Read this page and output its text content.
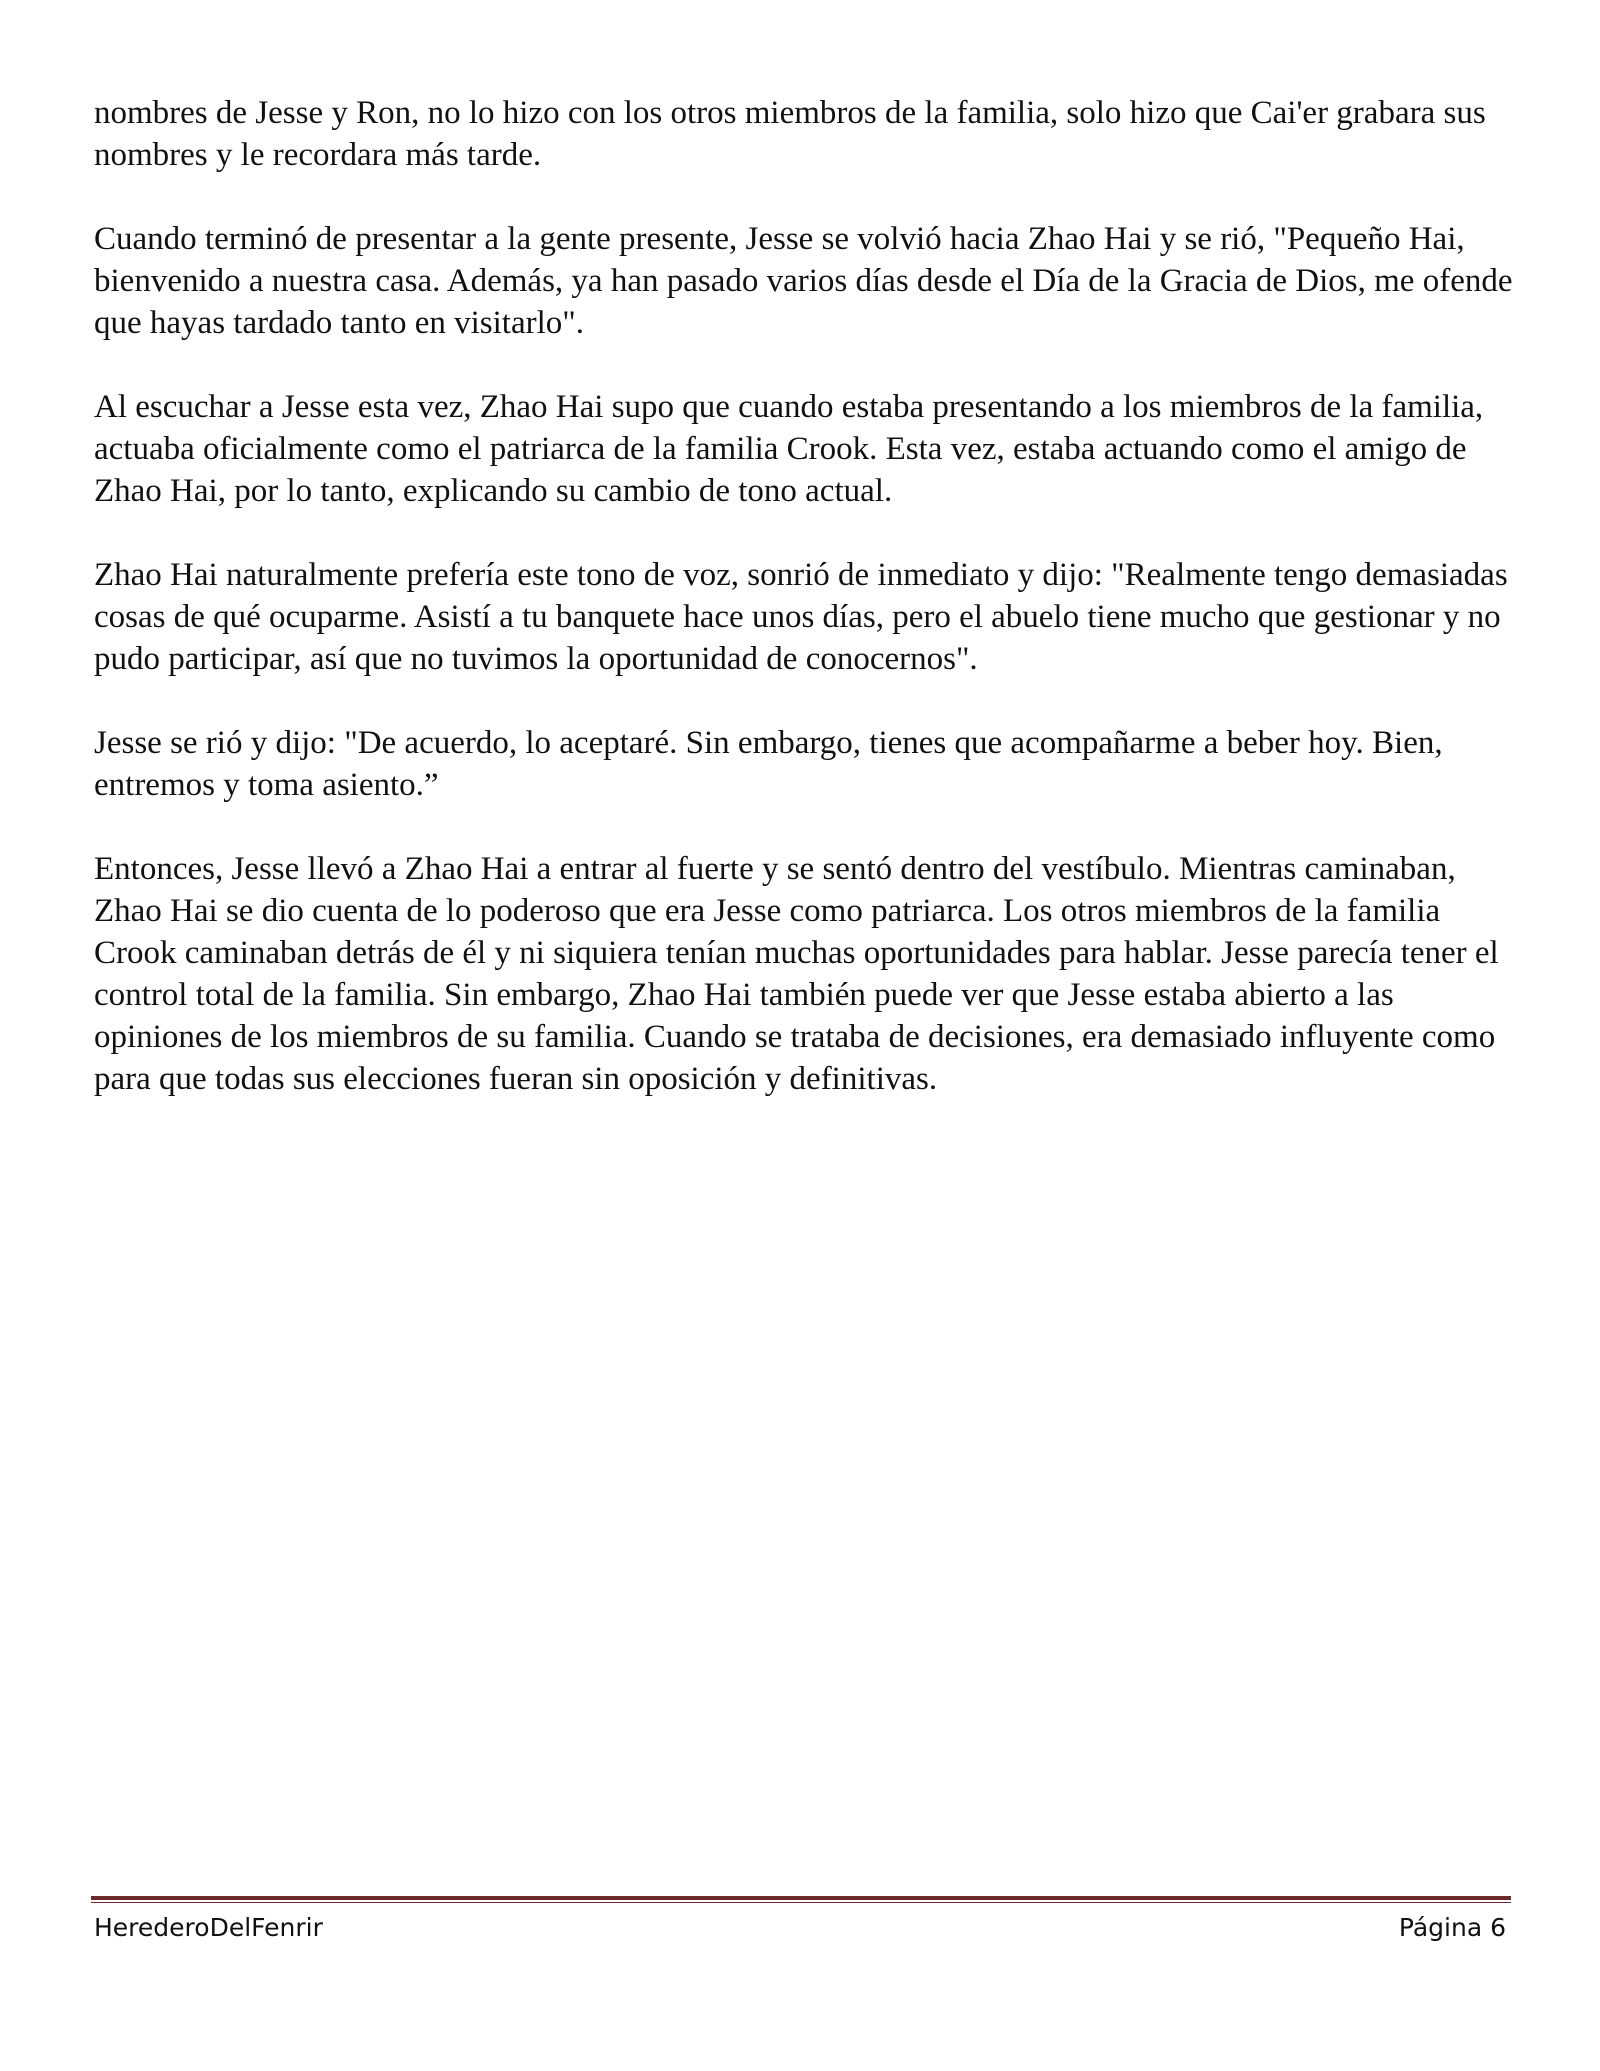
nombres de Jesse y Ron, no lo hizo con los otros miembros de la familia, solo hizo que Cai'er grabara sus nombres y le recordara más tarde.

Cuando terminó de presentar a la gente presente, Jesse se volvió hacia Zhao Hai y se rió, "Pequeño Hai, bienvenido a nuestra casa. Además, ya han pasado varios días desde el Día de la Gracia de Dios, me ofende que hayas tardado tanto en visitarlo".

Al escuchar a Jesse esta vez, Zhao Hai supo que cuando estaba presentando a los miembros de la familia, actuaba oficialmente como el patriarca de la familia Crook. Esta vez, estaba actuando como el amigo de Zhao Hai, por lo tanto, explicando su cambio de tono actual.

Zhao Hai naturalmente prefería este tono de voz, sonrió de inmediato y dijo: "Realmente tengo demasiadas cosas de qué ocuparme. Asistí a tu banquete hace unos días, pero el abuelo tiene mucho que gestionar y no pudo participar, así que no tuvimos la oportunidad de conocernos".

Jesse se rió y dijo: "De acuerdo, lo aceptaré. Sin embargo, tienes que acompañarme a beber hoy. Bien, entremos y toma asiento.”

Entonces, Jesse llevó a Zhao Hai a entrar al fuerte y se sentó dentro del vestíbulo. Mientras caminaban, Zhao Hai se dio cuenta de lo poderoso que era Jesse como patriarca. Los otros miembros de la familia Crook caminaban detrás de él y ni siquiera tenían muchas oportunidades para hablar. Jesse parecía tener el control total de la familia. Sin embargo, Zhao Hai también puede ver que Jesse estaba abierto a las opiniones de los miembros de su familia. Cuando se trataba de decisiones, era demasiado influyente como para que todas sus elecciones fueran sin oposición y definitivas.

HerederoDelFenrir	Página 6
